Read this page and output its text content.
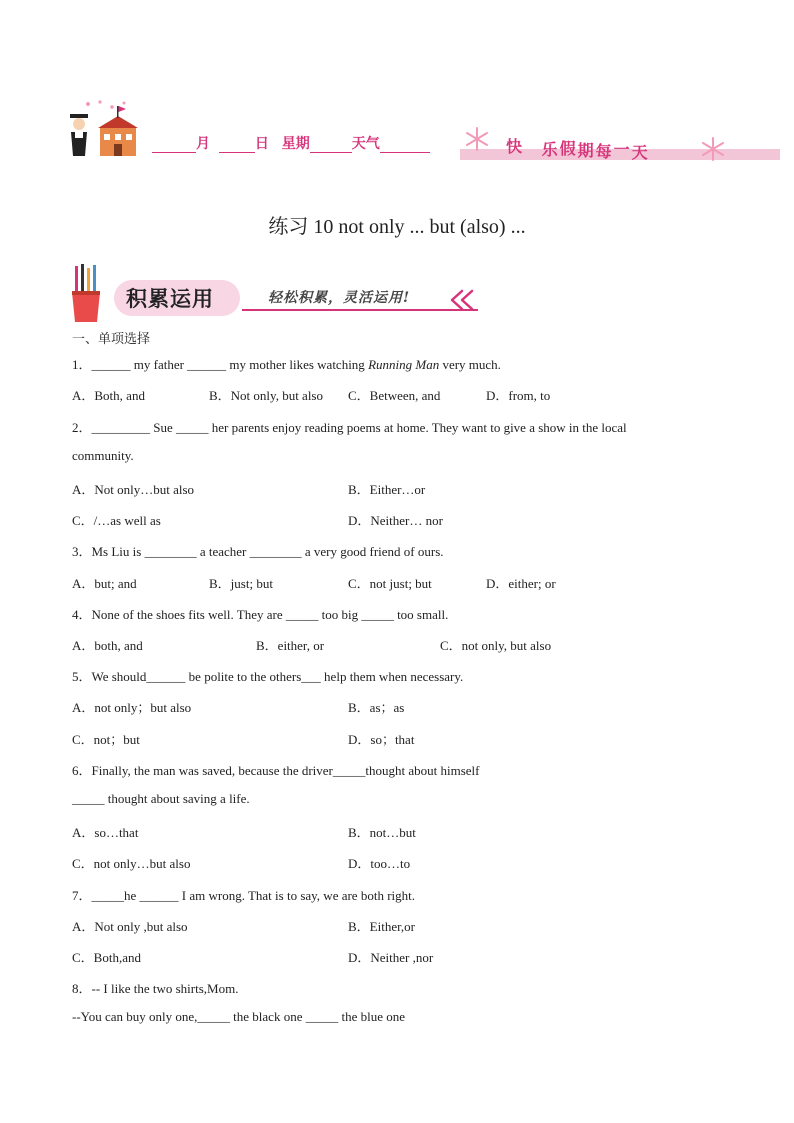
月	日 星期	天气	快 乐假期每一天
练习 10 not only ... but (also) ...
积累运用	轻松积累，灵活运用!
一、单项选择
1．______ my father ______ my mother likes watching Running Man very much.
A．Both, and	B．Not only, but also C．Between, and	D．from, to
2．_________ Sue _____ her parents enjoy reading poems at home. They want to give a show in the local
community.
A．Not only…but also	B．Either…or
C．/…as well as	D．Neither… nor
3．Ms Liu is ________ a teacher ________ a very good friend of ours.
A．but; and	B．just; but	C．not just; but	D．either; or
4．None of the shoes fits well. They are _____ too big _____ too small.
A．both, and	B．either, or	C．not only, but also
5．We should______ be polite to the others___ help them when necessary.
A．not only；but also	B．as；as
C．not；but	D．so；that
6．Finally, the man was saved, because the driver_____thought about himself
_____ thought about saving a life.
A．so…that	B．not…but
C．not only…but also	D．too…to
7．_____he ______ I am wrong. That is to say, we are both right.
A．Not only ,but also	B．Either,or
C．Both,and	D．Neither ,nor
8．-- I like the two shirts,Mom.
--You can buy only one,_____ the black one _____ the blue one
